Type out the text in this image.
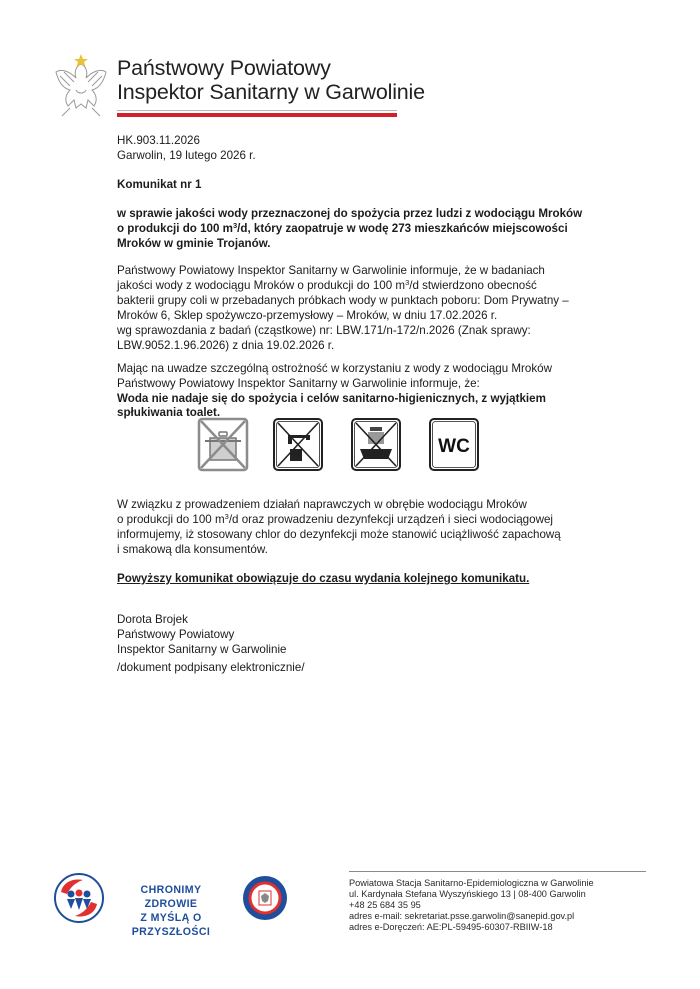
Państwowy Powiatowy
Inspektor Sanitarny w Garwolinie
HK.903.11.2026
Garwolin, 19 lutego 2026 r.
Komunikat nr 1
w sprawie jakości wody przeznaczonej do spożycia przez ludzi z wodociągu Mroków
o produkcji do 100 $m^3/d$, który zaopatruje w wodę 273 mieszkańców miejscowości
Mroków w gminie Trojanów.
Państwowy Powiatowy Inspektor Sanitarny w Garwolinie informuje, że w badaniach
jakości wody z wodociągu Mroków o produkcji do 100 $m^3/d$ stwierdzono obecność
bakterii grupy coli w przebadanych próbkach wody w punktach poboru: Dom Prywatny –
Mroków 6, Sklep spożywczo-przemysłowy – Mroków, w dniu 17.02.2026 r.
wg sprawozdania z badań (cząstkowe) nr: LBW.171/n-172/n.2026 (Znak sprawy:
LBW.9052.1.96.2026) z dnia 19.02.2026 r.
Mając na uwadze szczególną ostrożność w korzystaniu z wody z wodociągu Mroków
Państwowy Powiatowy Inspektor Sanitarny w Garwolinie informuje, że:
Woda nie nadaje się do spożycia i celów sanitarno-higienicznych, z wyjątkiem
spłukiwania toalet.
WC
W związku z prowadzeniem działań naprawczych w obrębie wodociągu Mroków
o produkcji do 100 $m^3/d$ oraz prowadzeniu dezynfekcji urządzeń i sieci wodociągowej
informujemy, iż stosowany chlor do dezynfekcji może stanowić uciążliwość zapachową
i smakową dla konsumentów.
Powyższy komunikat obowiązuje do czasu wydania kolejnego komunikatu.
Dorota Brojek
Państwowy Powiatowy
Inspektor Sanitarny w Garwolinie
/dokument podpisany elektronicznie/
CHRONIMY ZDROWIE
Z MYŚLĄ O PRZYSZŁOŚCI
Powiatowa Stacja Sanitarno-Epidemiologiczna w Garwolinie
ul. Kardynała Stefana Wyszyńskiego 13 | 08-400 Garwolin
+48 25 684 35 95
adres e-mail: sekretariat.psse.garwolin@sanepid.gov.pl
adres e-Doręczeń: AE:PL-59495-60307-RBIIW-18
